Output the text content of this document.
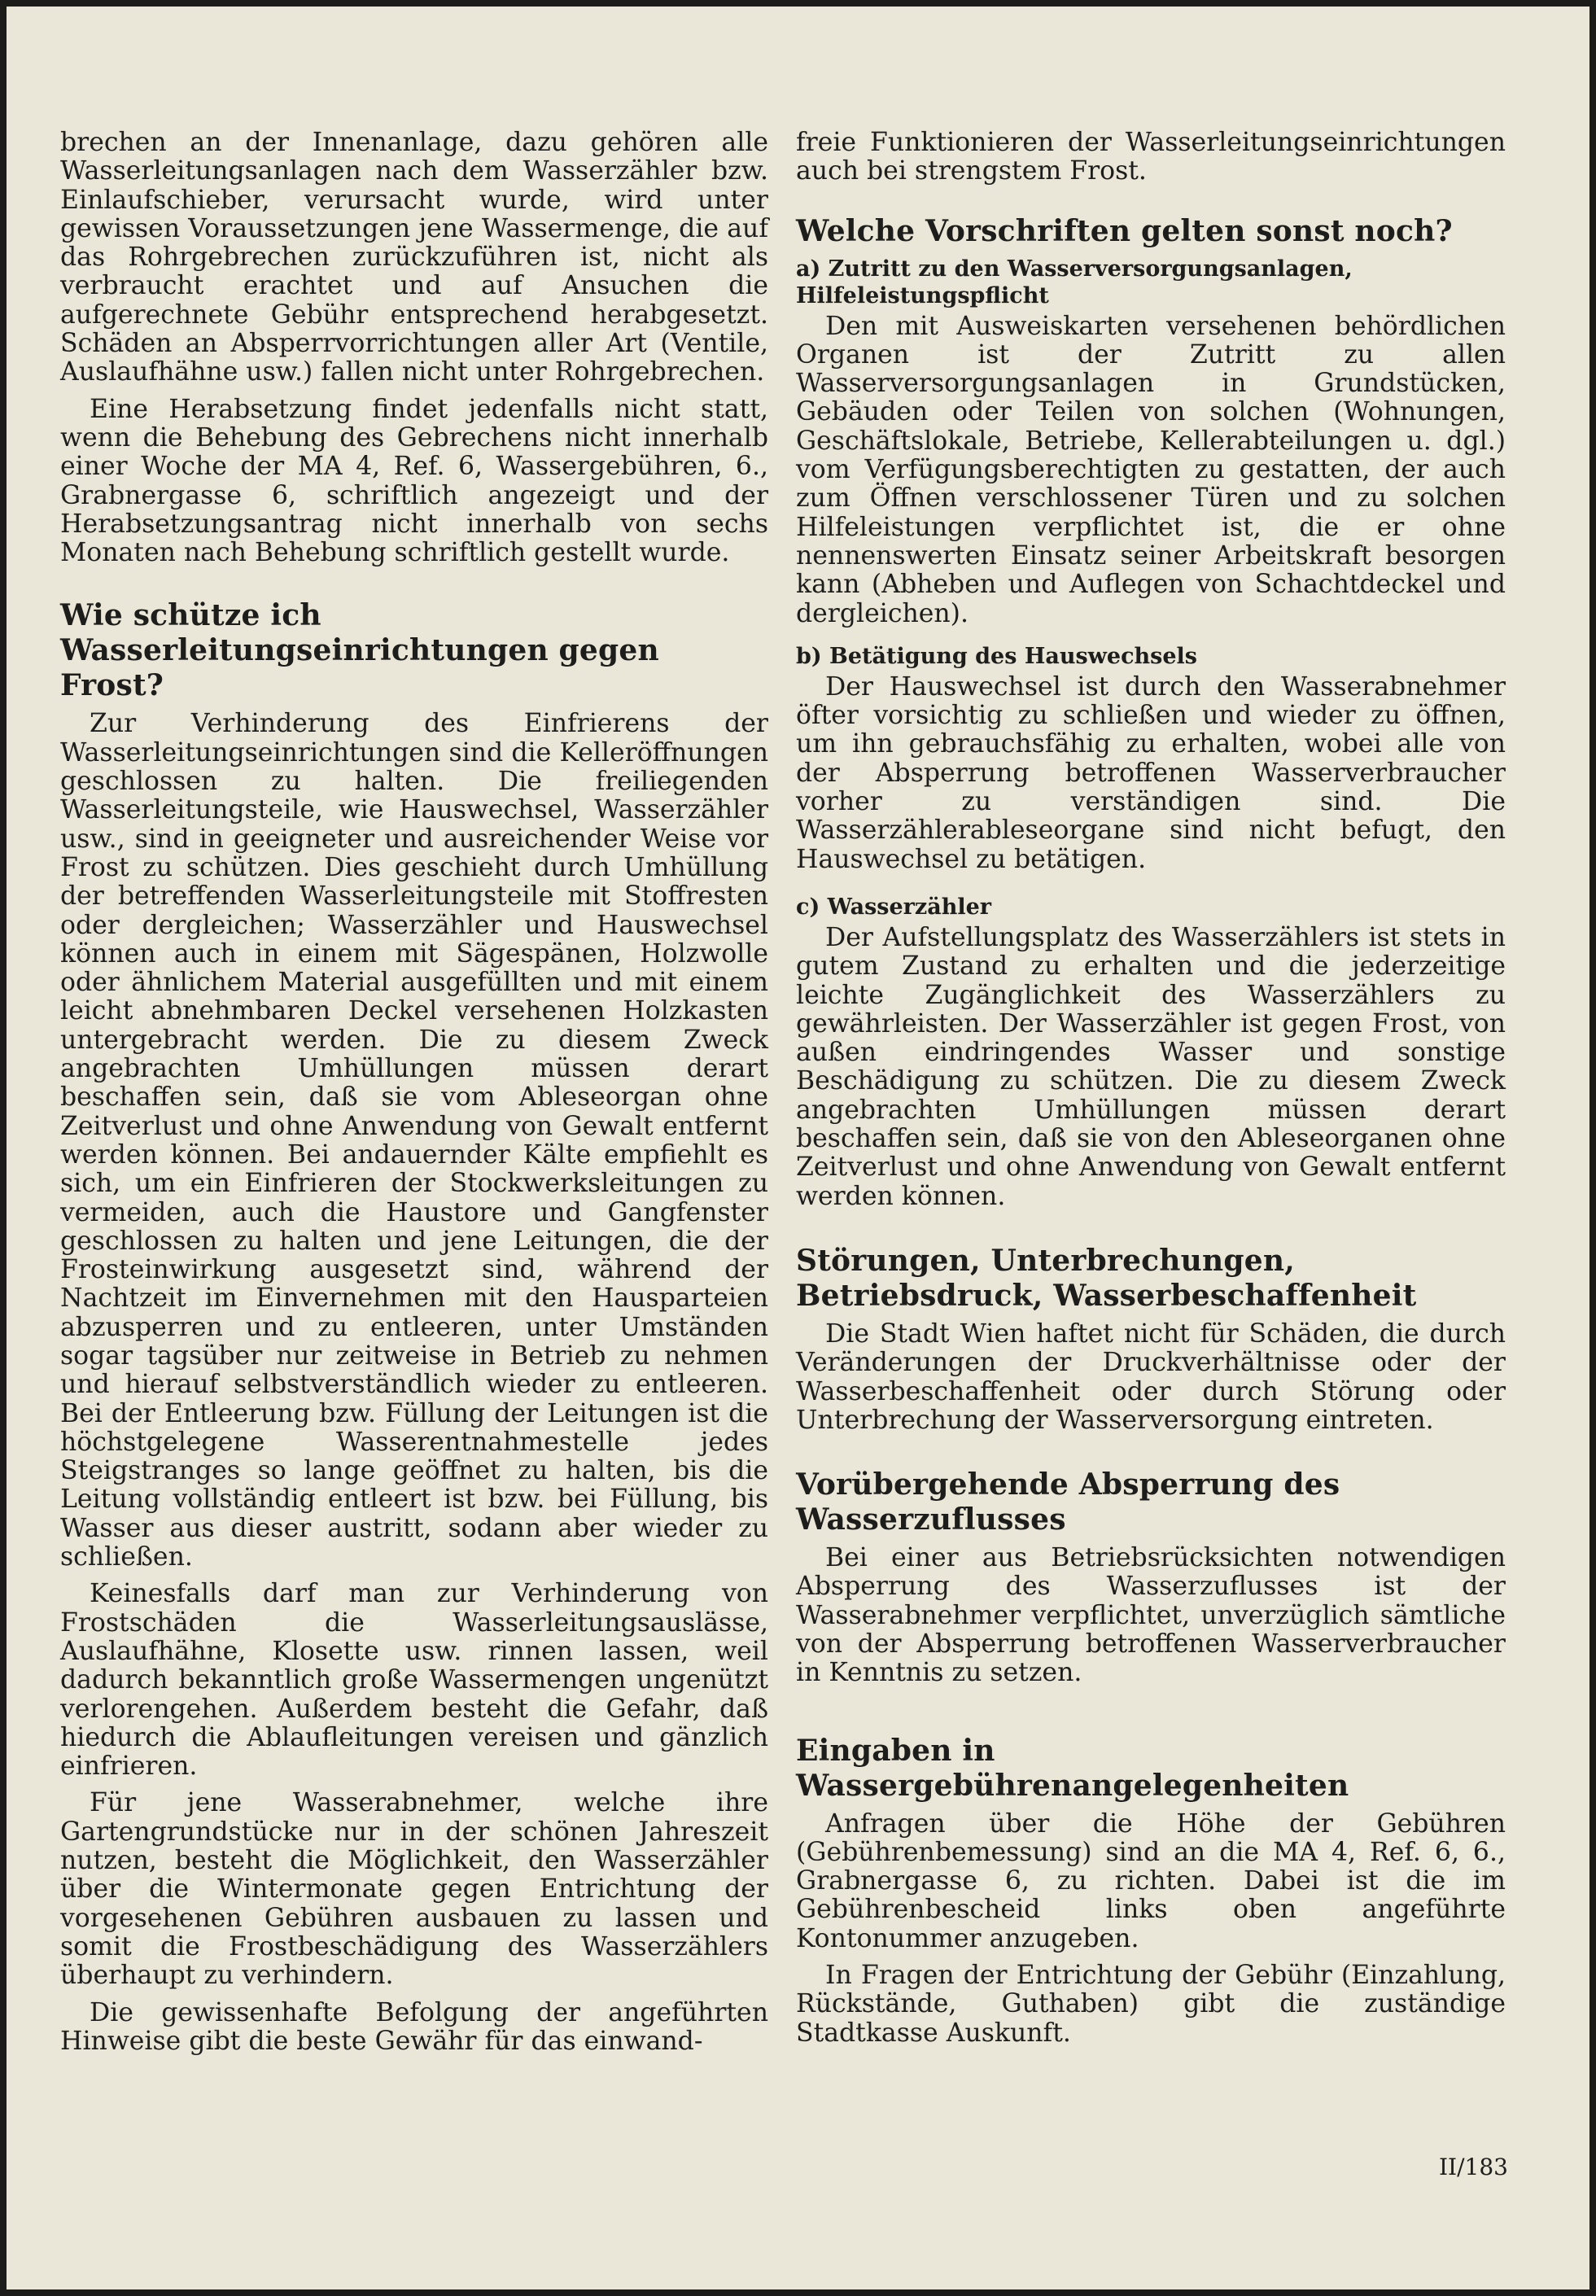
brechen an der Innenanlage, dazu gehören alle Wasserleitungsanlagen nach dem Wasserzähler bzw. Einlaufschieber, verursacht wurde, wird unter gewissen Voraussetzungen jene Wassermenge, die auf das Rohrgebrechen zurückzuführen ist, nicht als verbraucht erachtet und auf Ansuchen die aufgerechnete Gebühr entsprechend herabgesetzt. Schäden an Absperrvorrichtungen aller Art (Ventile, Auslaufhähne usw.) fallen nicht unter Rohrgebrechen.

Eine Herabsetzung findet jedenfalls nicht statt, wenn die Behebung des Gebrechens nicht innerhalb einer Woche der MA 4, Ref. 6, Wassergebühren, 6., Grabnergasse 6, schriftlich angezeigt und der Herabsetzungsantrag nicht innerhalb von sechs Monaten nach Behebung schriftlich gestellt wurde.

Wie schütze ich Wasserleitungseinrichtungen gegen Frost?

Zur Verhinderung des Einfrierens der Wasserleitungseinrichtungen sind die Kelleröffnungen geschlossen zu halten. Die freiliegenden Wasserleitungsteile, wie Hauswechsel, Wasserzähler usw., sind in geeigneter und ausreichender Weise vor Frost zu schützen. Dies geschieht durch Umhüllung der betreffenden Wasserleitungsteile mit Stoffresten oder dergleichen; Wasserzähler und Hauswechsel können auch in einem mit Sägespänen, Holzwolle oder ähnlichem Material ausgefüllten und mit einem leicht abnehmbaren Deckel versehenen Holzkasten untergebracht werden. Die zu diesem Zweck angebrachten Umhüllungen müssen derart beschaffen sein, daß sie vom Ableseorgan ohne Zeitverlust und ohne Anwendung von Gewalt entfernt werden können. Bei andauernder Kälte empfiehlt es sich, um ein Einfrieren der Stockwerksleitungen zu vermeiden, auch die Haustore und Gangfenster geschlossen zu halten und jene Leitungen, die der Frosteinwirkung ausgesetzt sind, während der Nachtzeit im Einvernehmen mit den Hausparteien abzusperren und zu entleeren, unter Umständen sogar tagsüber nur zeitweise in Betrieb zu nehmen und hierauf selbstverständlich wieder zu entleeren. Bei der Entleerung bzw. Füllung der Leitungen ist die höchstgelegene Wasserentnahmestelle jedes Steigstranges so lange geöffnet zu halten, bis die Leitung vollständig entleert ist bzw. bei Füllung, bis Wasser aus dieser austritt, sodann aber wieder zu schließen.

Keinesfalls darf man zur Verhinderung von Frostschäden die Wasserleitungsauslässe, Auslaufhähne, Klosette usw. rinnen lassen, weil dadurch bekanntlich große Wassermengen ungenützt verlorengehen. Außerdem besteht die Gefahr, daß hiedurch die Ablaufleitungen vereisen und gänzlich einfrieren.

Für jene Wasserabnehmer, welche ihre Gartengrundstücke nur in der schönen Jahreszeit nutzen, besteht die Möglichkeit, den Wasserzähler über die Wintermonate gegen Entrichtung der vorgesehenen Gebühren ausbauen zu lassen und somit die Frostbeschädigung des Wasserzählers überhaupt zu verhindern.

Die gewissenhafte Befolgung der angeführten Hinweise gibt die beste Gewähr für das einwand-

freie Funktionieren der Wasserleitungseinrichtungen auch bei strengstem Frost.

Welche Vorschriften gelten sonst noch?
a) Zutritt zu den Wasserversorgungsanlagen, Hilfeleistungspflicht

Den mit Ausweiskarten versehenen behördlichen Organen ist der Zutritt zu allen Wasserversorgungsanlagen in Grundstücken, Gebäuden oder Teilen von solchen (Wohnungen, Geschäftslokale, Betriebe, Kellerabteilungen u. dgl.) vom Verfügungsberechtigten zu gestatten, der auch zum Öffnen verschlossener Türen und zu solchen Hilfeleistungen verpflichtet ist, die er ohne nennenswerten Einsatz seiner Arbeitskraft besorgen kann (Abheben und Auflegen von Schachtdeckel und dergleichen).

b) Betätigung des Hauswechsels

Der Hauswechsel ist durch den Wasserabnehmer öfter vorsichtig zu schließen und wieder zu öffnen, um ihn gebrauchsfähig zu erhalten, wobei alle von der Absperrung betroffenen Wasserverbraucher vorher zu verständigen sind. Die Wasserzählerableseorgane sind nicht befugt, den Hauswechsel zu betätigen.

c) Wasserzähler

Der Aufstellungsplatz des Wasserzählers ist stets in gutem Zustand zu erhalten und die jederzeitige leichte Zugänglichkeit des Wasserzählers zu gewährleisten. Der Wasserzähler ist gegen Frost, von außen eindringendes Wasser und sonstige Beschädigung zu schützen. Die zu diesem Zweck angebrachten Umhüllungen müssen derart beschaffen sein, daß sie von den Ableseorganen ohne Zeitverlust und ohne Anwendung von Gewalt entfernt werden können.

Störungen, Unterbrechungen, Betriebsdruck, Wasserbeschaffenheit

Die Stadt Wien haftet nicht für Schäden, die durch Veränderungen der Druckverhältnisse oder der Wasserbeschaffenheit oder durch Störung oder Unterbrechung der Wasserversorgung eintreten.

Vorübergehende Absperrung des Wasserzuflusses

Bei einer aus Betriebsrücksichten notwendigen Absperrung des Wasserzuflusses ist der Wasserabnehmer verpflichtet, unverzüglich sämtliche von der Absperrung betroffenen Wasserverbraucher in Kenntnis zu setzen.

Eingaben in Wassergebührenangelegenheiten

Anfragen über die Höhe der Gebühren (Gebührenbemessung) sind an die MA 4, Ref. 6, 6., Grabnergasse 6, zu richten. Dabei ist die im Gebührenbescheid links oben angeführte Kontonummer anzugeben.

In Fragen der Entrichtung der Gebühr (Einzahlung, Rückstände, Guthaben) gibt die zuständige Stadtkasse Auskunft.

II/183
